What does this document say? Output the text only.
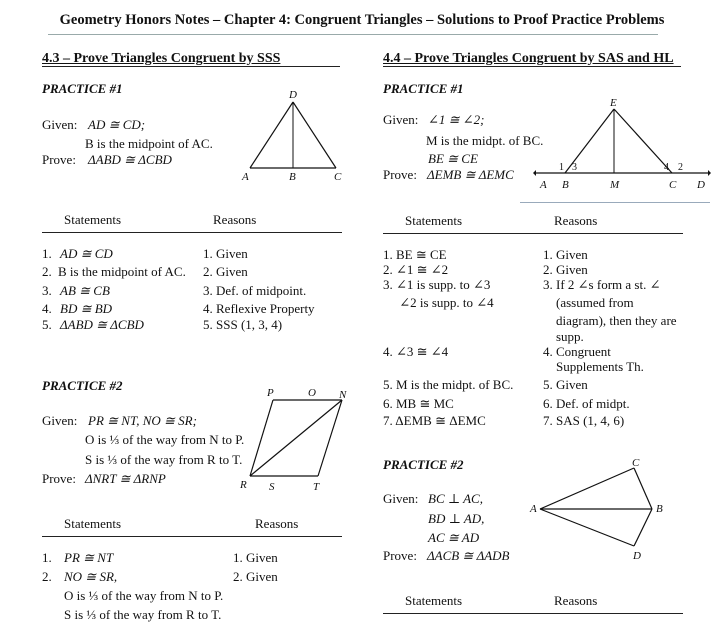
Geometry Honors Notes – Chapter 4: Congruent Triangles – Solutions to Proof Practice Problems
4.3 – Prove Triangles Congruent by SSS
PRACTICE #1
Given: AD ≅ CD;
B is the midpoint of AC.
Prove: ΔABD ≅ ΔCBD
D
A	B	C
Statements	Reasons
1. AD ≅ CD	1. Given
2. B is the midpoint of AC. 2. Given
3. AB ≅ CB	3. Def. of midpoint.
4. BD ≅ BD	4. Reflexive Property
5. ΔABD ≅ ΔCBD	5. SSS (1, 3, 4)
PRACTICE #2
Given: PR ≅ NT, NO ≅ SR;
O is ⅓ of the way from N to P.
S is ⅓ of the way from R to T.
Prove: ΔNRT ≅ ΔRNP
P	O N
R S	T
Statements	Reasons
1. PR ≅ NT	1. Given
2. NO ≅ SR,	2. Given
O is ⅓ of the way from N to P.
S is ⅓ of the way from R to T.
4.4 – Prove Triangles Congruent by SAS and HL
PRACTICE #1
Given: ∠1 ≅ ∠2;
M is the midpt. of BC.
BE ≅ CE
Prove: ΔEMB ≅ ΔEMC
E
A B	M	C D
1 3	4 2
Statements	Reasons
1. BE ≅ CE	1. Given
2. ∠1 ≅ ∠2	2. Given
3. ∠1 is supp. to ∠3	3. If 2 ∠s form a st. ∠
∠2 is supp. to ∠4	(assumed from
diagram), then they are
supp.
4. ∠3 ≅ ∠4	4. Congruent
Supplements Th.
5. M is the midpt. of BC. 5. Given
6. MB ≅ MC	6. Def. of midpt.
7. ΔEMB ≅ ΔEMC	7. SAS (1, 4, 6)
PRACTICE #2
Given: BC ⊥ AC,
BD ⊥ AD,
AC ≅ AD
Prove: ΔACB ≅ ΔADB
A
C
B
D
Statements	Reasons
